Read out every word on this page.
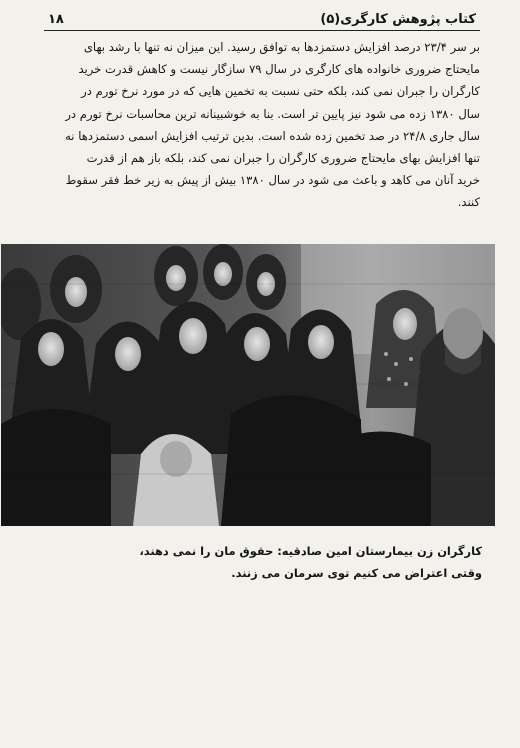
کتاب پژوهش کارگری(۵)
۱۸

بر سر ۲۳/۴ درصد افزایش دستمزدها به توافق رسید. این میزان نه تنها با رشد بهای
مایحتاج ضروری خانواده های کارگری در سال ۷۹ سازگار نیست و کاهش قدرت خرید
کارگران را جبران نمی کند، بلکه حتی نسبت به تخمین هایی که در مورد نرخ تورم در
سال ۱۳۸۰ زده می شود نیز پایین تر است. بنا به خوشبینانه ترین محاسبات نرخ تورم در
سال جاری ۲۴/۸ در صد تخمین زده شده است. بدین ترتیب افزایش اسمی دستمزدها نه
تنها افزایش بهای مایحتاج ضروری کارگران را جبران نمی کند، بلکه باز هم از قدرت
خرید آنان می کاهد و باعث می شود در سال ۱۳۸۰ بیش از پیش به زیر خط فقر سقوط
کنند.

کارگران زن بیمارستان امین صادقیه: حقوق مان را نمی دهند،
وقتی اعتراض می کنیم توی سرمان می زنند.
